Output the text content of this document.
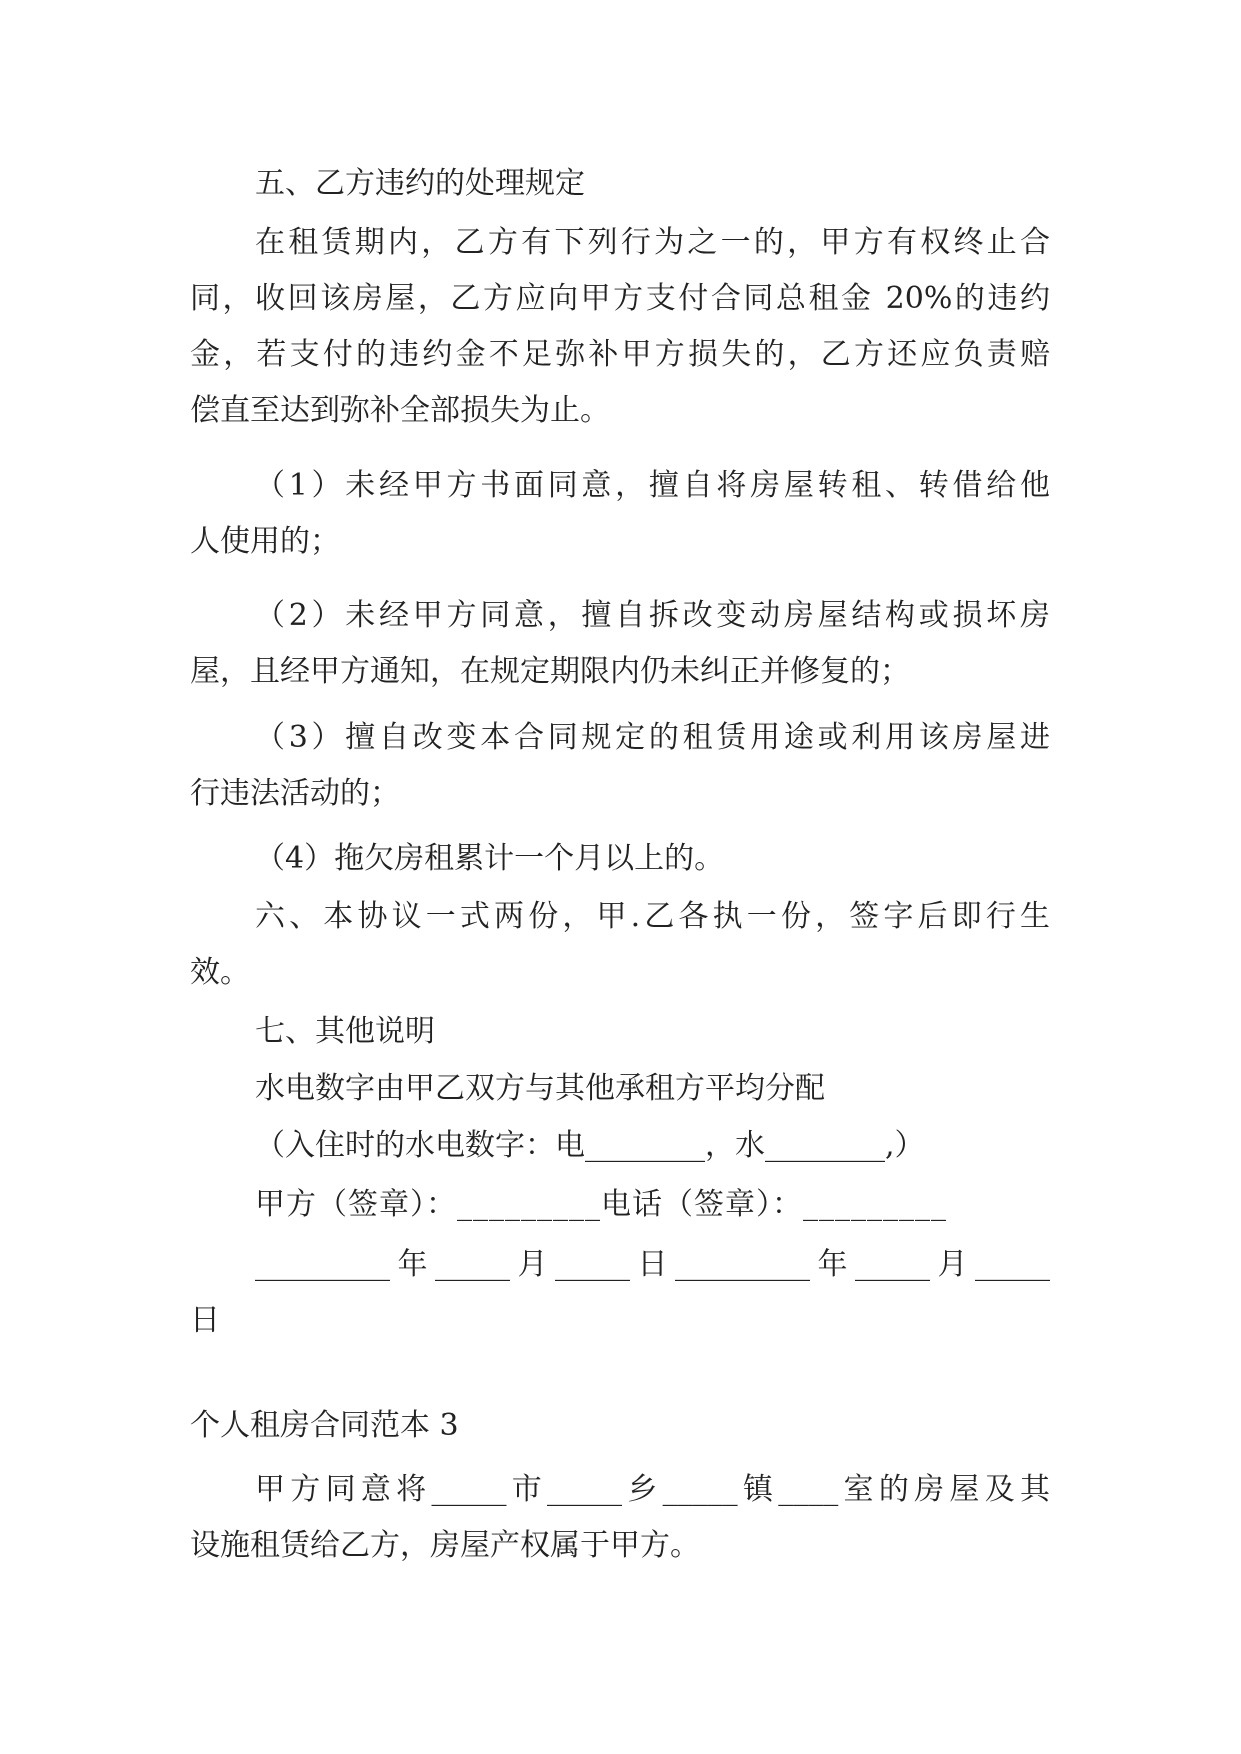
五、乙方违约的处理规定
在租赁期内，乙方有下列行为之一的，甲方有权终止合
同，收回该房屋，乙方应向甲方支付合同总租金 20%的违约
金，若支付的违约金不足弥补甲方损失的，乙方还应负责赔
偿直至达到弥补全部损失为止。
（1）未经甲方书面同意，擅自将房屋转租、转借给他
人使用的；
（2）未经甲方同意，擅自拆改变动房屋结构或损坏房
屋，且经甲方通知，在规定期限内仍未纠正并修复的；
（3）擅自改变本合同规定的租赁用途或利用该房屋进
行违法活动的；
（4）拖欠房租累计一个月以上的。
六、本协议一式两份，甲.乙各执一份，签字后即行生
效。
七、其他说明
水电数字由甲乙双方与其他承租方平均分配
（入住时的水电数字：电________，水________,）
甲方（签章）：_________电话（签章）：_________
_________年_____月_____日_________年_____月_____
日
个人租房合同范本 3
甲方同意将_____市_____乡_____镇____室的房屋及其
设施租赁给乙方，房屋产权属于甲方。
